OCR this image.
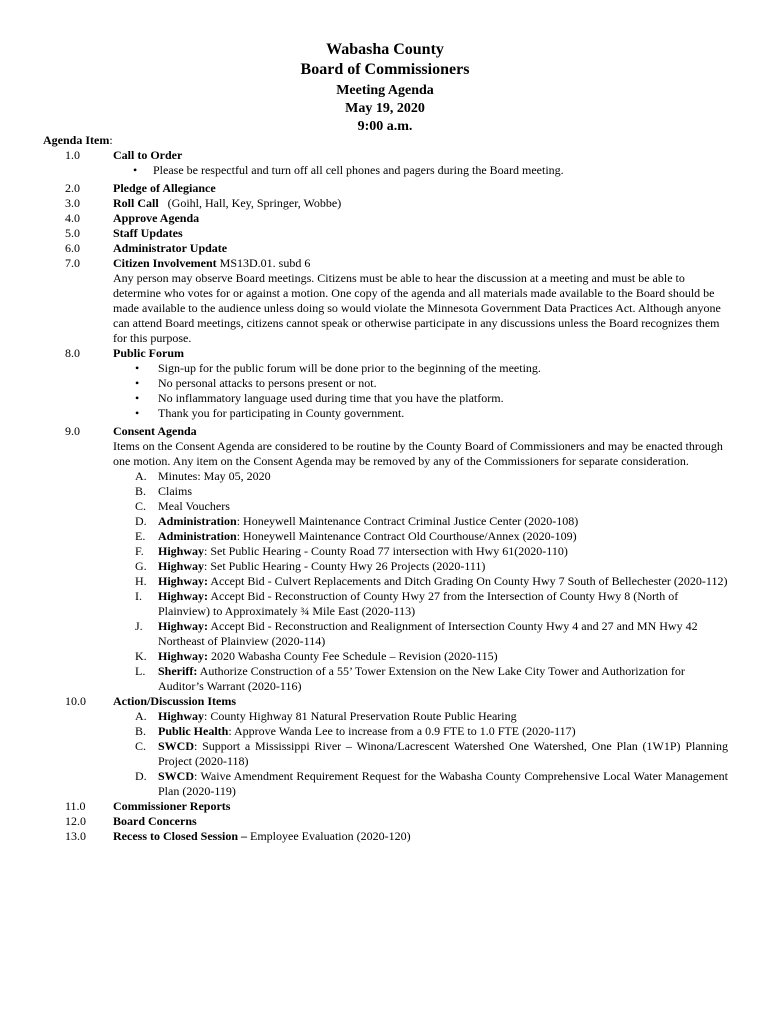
Wabasha County
Board of Commissioners
Meeting Agenda
May 19, 2020
9:00 a.m.
Agenda Item:
1.0	Call to Order
• Please be respectful and turn off all cell phones and pagers during the Board meeting.
2.0	Pledge of Allegiance
3.0	Roll Call   (Goihl, Hall, Key, Springer, Wobbe)
4.0	Approve Agenda
5.0	Staff Updates
6.0	Administrator Update
7.0	Citizen Involvement MS13D.01. subd 6
Any person may observe Board meetings. Citizens must be able to hear the discussion at a meeting and must be able to determine who votes for or against a motion. One copy of the agenda and all materials made available to the Board should be made available to the audience unless doing so would violate the Minnesota Government Data Practices Act. Although anyone can attend Board meetings, citizens cannot speak or otherwise participate in any discussions unless the Board recognizes them for this purpose.
8.0	Public Forum
• Sign-up for the public forum will be done prior to the beginning of the meeting.
• No personal attacks to persons present or not.
• No inflammatory language used during time that you have the platform.
• Thank you for participating in County government.
9.0	Consent Agenda
Items on the Consent Agenda are considered to be routine by the County Board of Commissioners and may be enacted through one motion. Any item on the Consent Agenda may be removed by any of the Commissioners for separate consideration.
A. Minutes: May 05, 2020
B. Claims
C. Meal Vouchers
D. Administration: Honeywell Maintenance Contract Criminal Justice Center (2020-108)
E. Administration: Honeywell Maintenance Contract Old Courthouse/Annex (2020-109)
F. Highway: Set Public Hearing - County Road 77 intersection with Hwy 61(2020-110)
G. Highway: Set Public Hearing - County Hwy 26 Projects (2020-111)
H. Highway: Accept Bid - Culvert Replacements and Ditch Grading On County Hwy 7 South of Bellechester (2020-112)
I. Highway: Accept Bid - Reconstruction of County Hwy 27 from the Intersection of County Hwy 8 (North of Plainview) to Approximately ¾ Mile East (2020-113)
J. Highway: Accept Bid - Reconstruction and Realignment of Intersection County Hwy 4 and 27 and MN Hwy 42 Northeast of Plainview (2020-114)
K. Highway: 2020 Wabasha County Fee Schedule – Revision (2020-115)
L. Sheriff: Authorize Construction of a 55’ Tower Extension on the New Lake City Tower and Authorization for Auditor’s Warrant (2020-116)
10.0 Action/Discussion Items
A. Highway: County Highway 81 Natural Preservation Route Public Hearing
B. Public Health: Approve Wanda Lee to increase from a 0.9 FTE to 1.0 FTE (2020-117)
C. SWCD: Support a Mississippi River – Winona/Lacrescent Watershed One Watershed, One Plan (1W1P) Planning Project (2020-118)
D. SWCD: Waive Amendment Requirement Request for the Wabasha County Comprehensive Local Water Management Plan (2020-119)
11.0 Commissioner Reports
12.0 Board Concerns
13.0 Recess to Closed Session – Employee Evaluation (2020-120)
